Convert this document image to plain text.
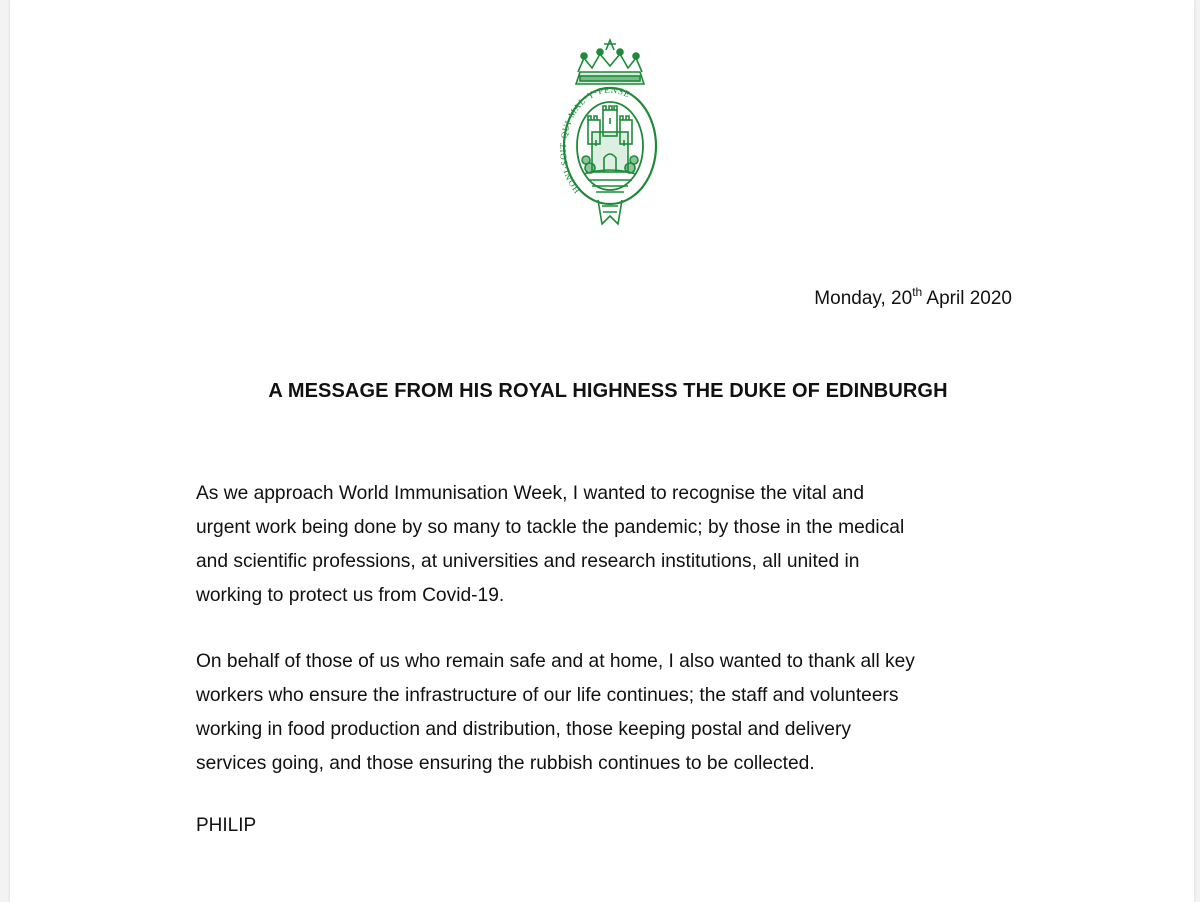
HONI·SOIT·QUI·MAL·Y·PENSE
Monday, 20th April 2020
A MESSAGE FROM HIS ROYAL HIGHNESS THE DUKE OF EDINBURGH

As we approach World Immunisation Week, I wanted to recognise the vital and
urgent work being done by so many to tackle the pandemic; by those in the medical
and scientific professions, at universities and research institutions, all united in
working to protect us from Covid-19.

On behalf of those of us who remain safe and at home, I also wanted to thank all key
workers who ensure the infrastructure of our life continues; the staff and volunteers
working in food production and distribution, those keeping postal and delivery
services going, and those ensuring the rubbish continues to be collected.

PHILIP
